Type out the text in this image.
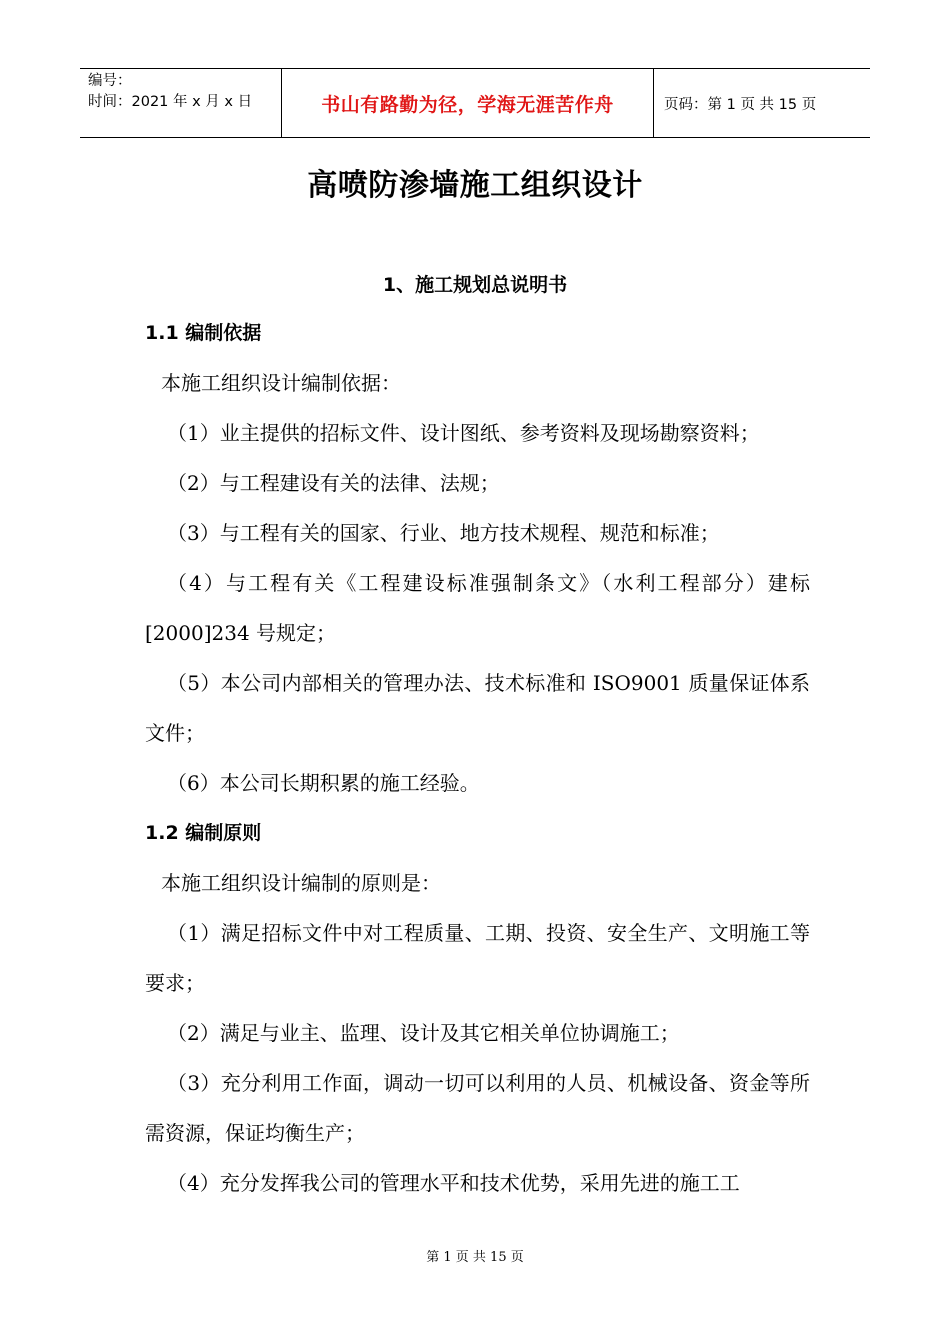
编号：
时间：2021 年 x 月 x 日	书山有路勤为径，学海无涯苦作舟	页码：第 1 页 共 15 页
高喷防渗墙施工组织设计
1、施工规划总说明书
1.1 编制依据
本施工组织设计编制依据：
（1）业主提供的招标文件、设计图纸、参考资料及现场勘察资料；
（2）与工程建设有关的法律、法规；
（3）与工程有关的国家、行业、地方技术规程、规范和标准；
（4）与工程有关《工程建设标准强制条文》（水利工程部分）建标[2000]234 号规定；
（5）本公司内部相关的管理办法、技术标准和 ISO9001 质量保证体系文件；
（6）本公司长期积累的施工经验。
1.2 编制原则
本施工组织设计编制的原则是：
（1）满足招标文件中对工程质量、工期、投资、安全生产、文明施工等要求；
（2）满足与业主、监理、设计及其它相关单位协调施工；
（3）充分利用工作面，调动一切可以利用的人员、机械设备、资金等所需资源，保证均衡生产；
（4）充分发挥我公司的管理水平和技术优势，采用先进的施工工
第 1 页 共 15 页
